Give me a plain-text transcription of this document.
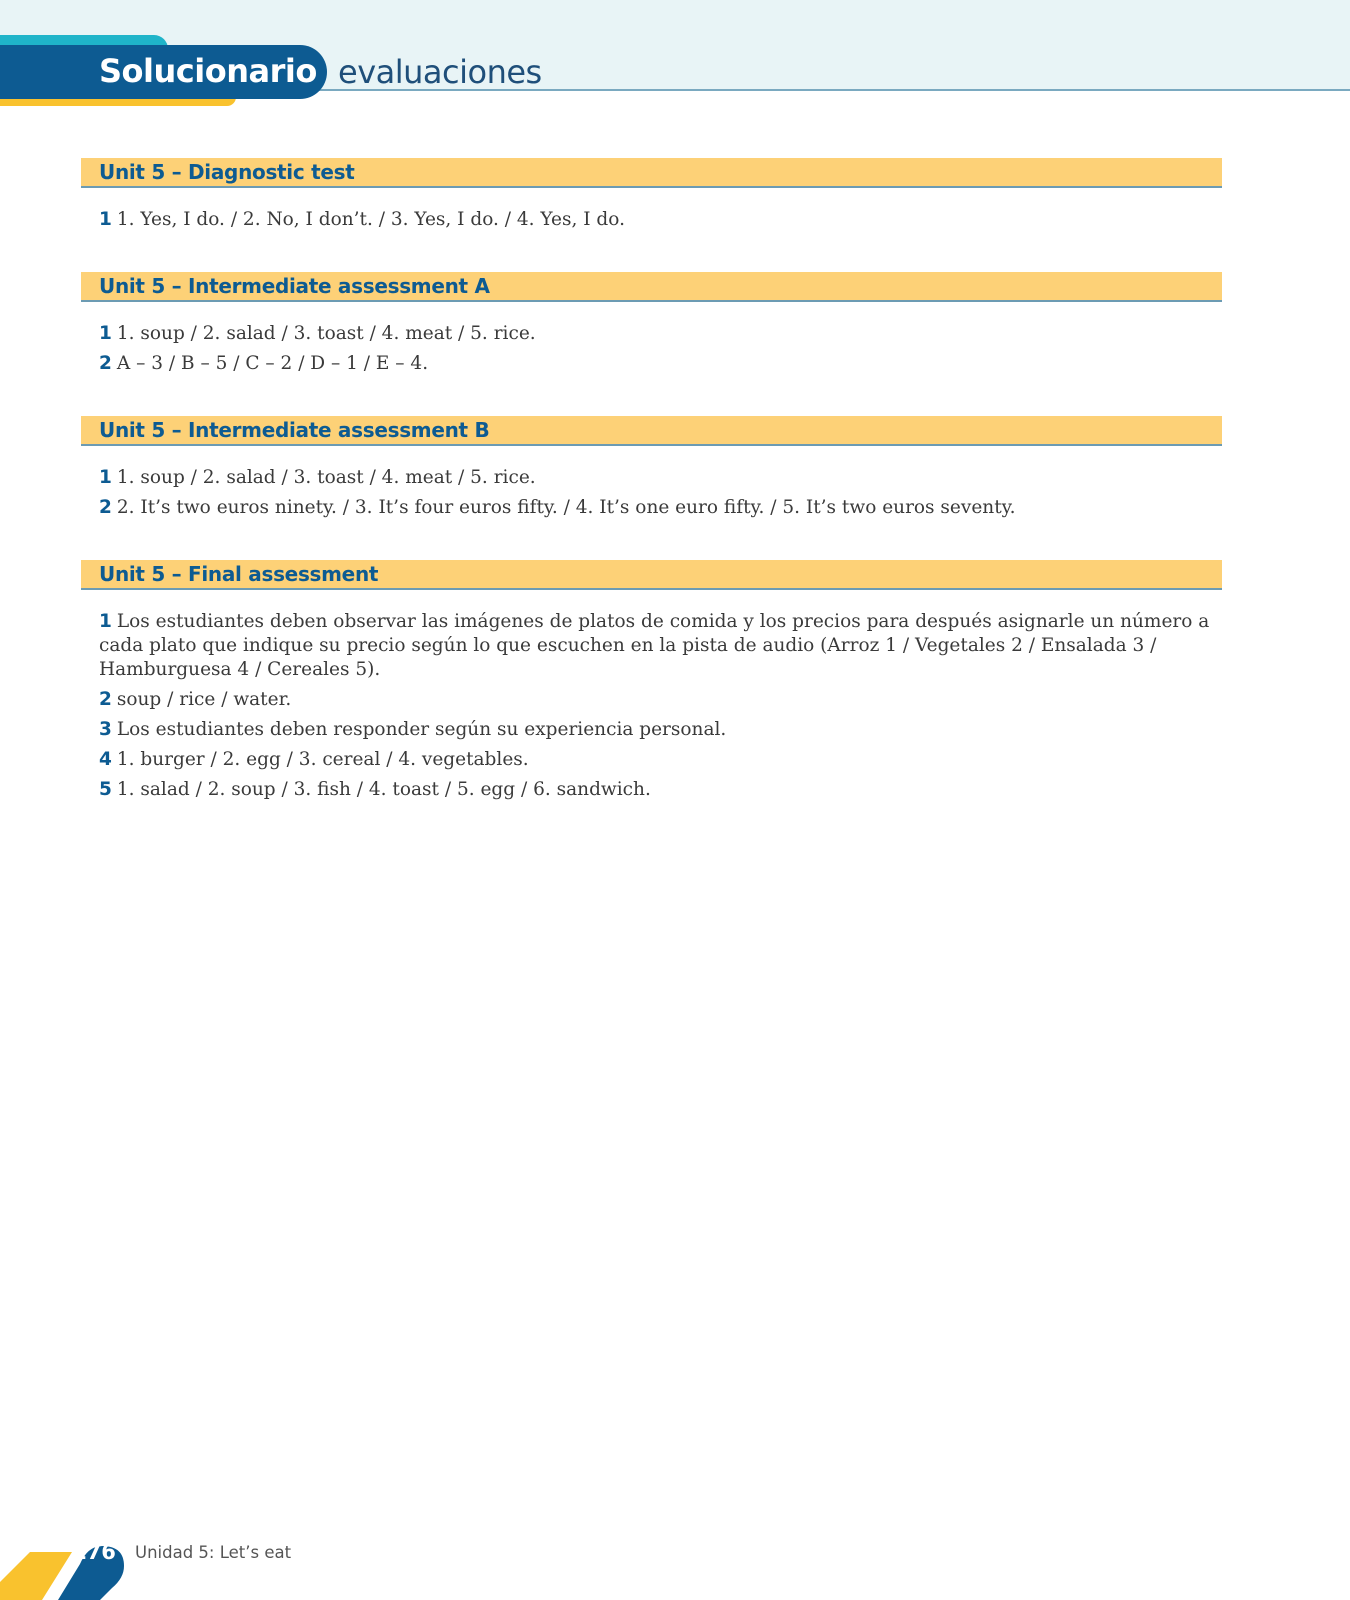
Solucionario evaluaciones
Unit 5 – Diagnostic test

1 1. Yes, I do. / 2. No, I don’t. / 3. Yes, I do. / 4. Yes, I do.

Unit 5 – Intermediate assessment A

1 1. soup / 2. salad / 3. toast / 4. meat / 5. rice.

2 A – 3 / B – 5 / C – 2 / D – 1 / E – 4.

Unit 5 – Intermediate assessment B

1 1. soup / 2. salad / 3. toast / 4. meat / 5. rice.

2 2. It’s two euros ninety. / 3. It’s four euros fifty. / 4. It’s one euro fifty. / 5. It’s two euros seventy.

Unit 5 – Final assessment

1 Los estudiantes deben observar las imágenes de platos de comida y los precios para después asignarle un número a cada plato que indique su precio según lo que escuchen en la pista de audio (Arroz 1 / Vegetales 2 / Ensalada 3 / Hamburguesa 4 / Cereales 5).

2 soup / rice / water.

3 Los estudiantes deben responder según su experiencia personal.

4 1. burger / 2. egg / 3. cereal / 4. vegetables.

5 1. salad / 2. soup / 3. fish / 4. toast / 5. egg / 6. sandwich.

176 Unidad 5: Let’s eat
